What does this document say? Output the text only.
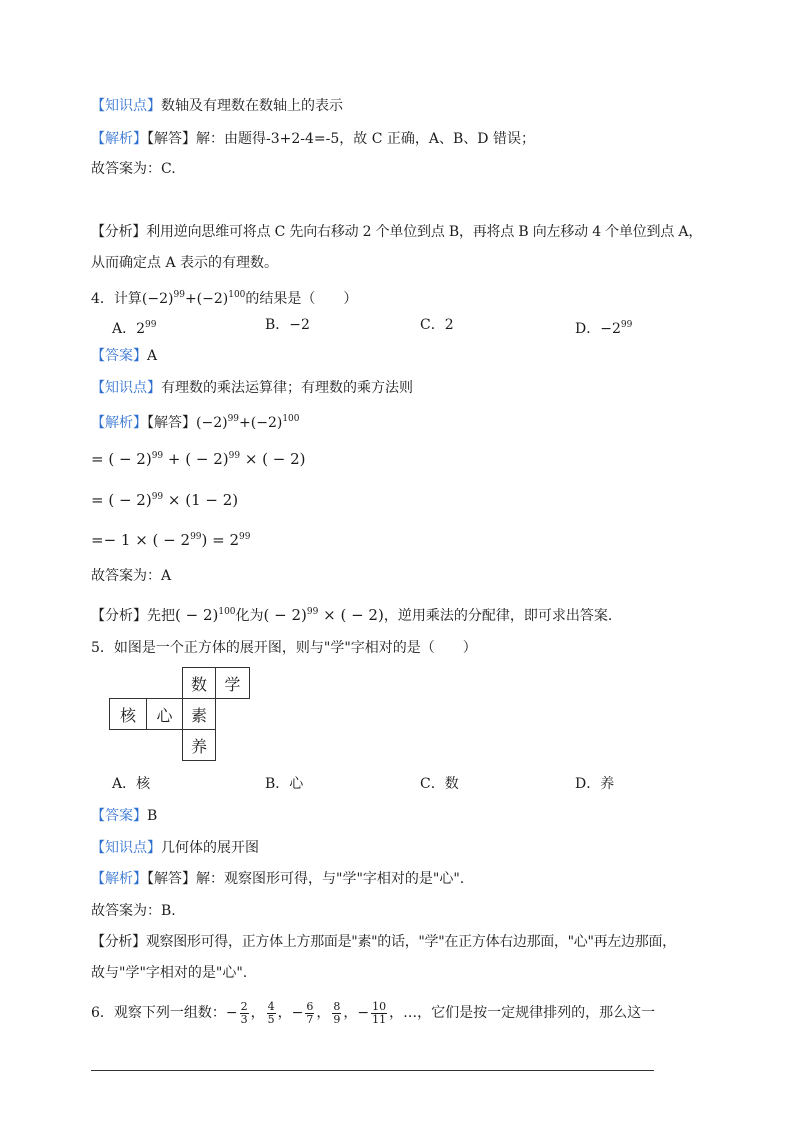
【知识点】数轴及有理数在数轴上的表示
【解析】【解答】解：由题得-3+2-4=-5，故 C 正确，A、B、D 错误；
故答案为：C.
【分析】利用逆向思维可将点 C 先向右移动 2 个单位到点 B，再将点 B 向左移动 4 个单位到点 A，
从而确定点 A 表示的有理数。
4．计算$(-2)^{99}+(-2)^{100}$的结果是（　　）
A．$2^{99}$	B．−2	C．2	D．$-2^{99}$
【答案】A
【知识点】有理数的乘法运算律；有理数的乘方法则
【解析】【解答】$(-2)^{99}+(-2)^{100}$
= ( − 2)$^{99}$ + ( − 2)$^{99}$ × ( − 2)
= ( − 2)$^{99}$ × (1 − 2)
=− 1 × ( − $2^{99}) = 2^{99}$
故答案为：A
【分析】先把( − 2)$^{100}$化为( − 2)$^{99}$ × ( − 2)，逆用乘法的分配律，即可求出答案.
5．如图是一个正方体的展开图，则与"学"字相对的是（　　）
数	学
核	心	素
养
A．核	B．心	C．数	D．养
【答案】B
【知识点】几何体的展开图
【解析】【解答】解：观察图形可得，与"学"字相对的是"心".
故答案为：B.
【分析】观察图形可得，正方体上方那面是"素"的话，"学"在正方体右边那面，"心"再左边那面，
故与"学"字相对的是"心".
6．观察下列一组数：− $\frac{2}{3}$ ， $\frac{4}{5}$ ，− $\frac{6}{7}$ ， $\frac{8}{9}$ ，− $\frac{10}{11}$ ，…，它们是按一定规律排列的，那么这一
